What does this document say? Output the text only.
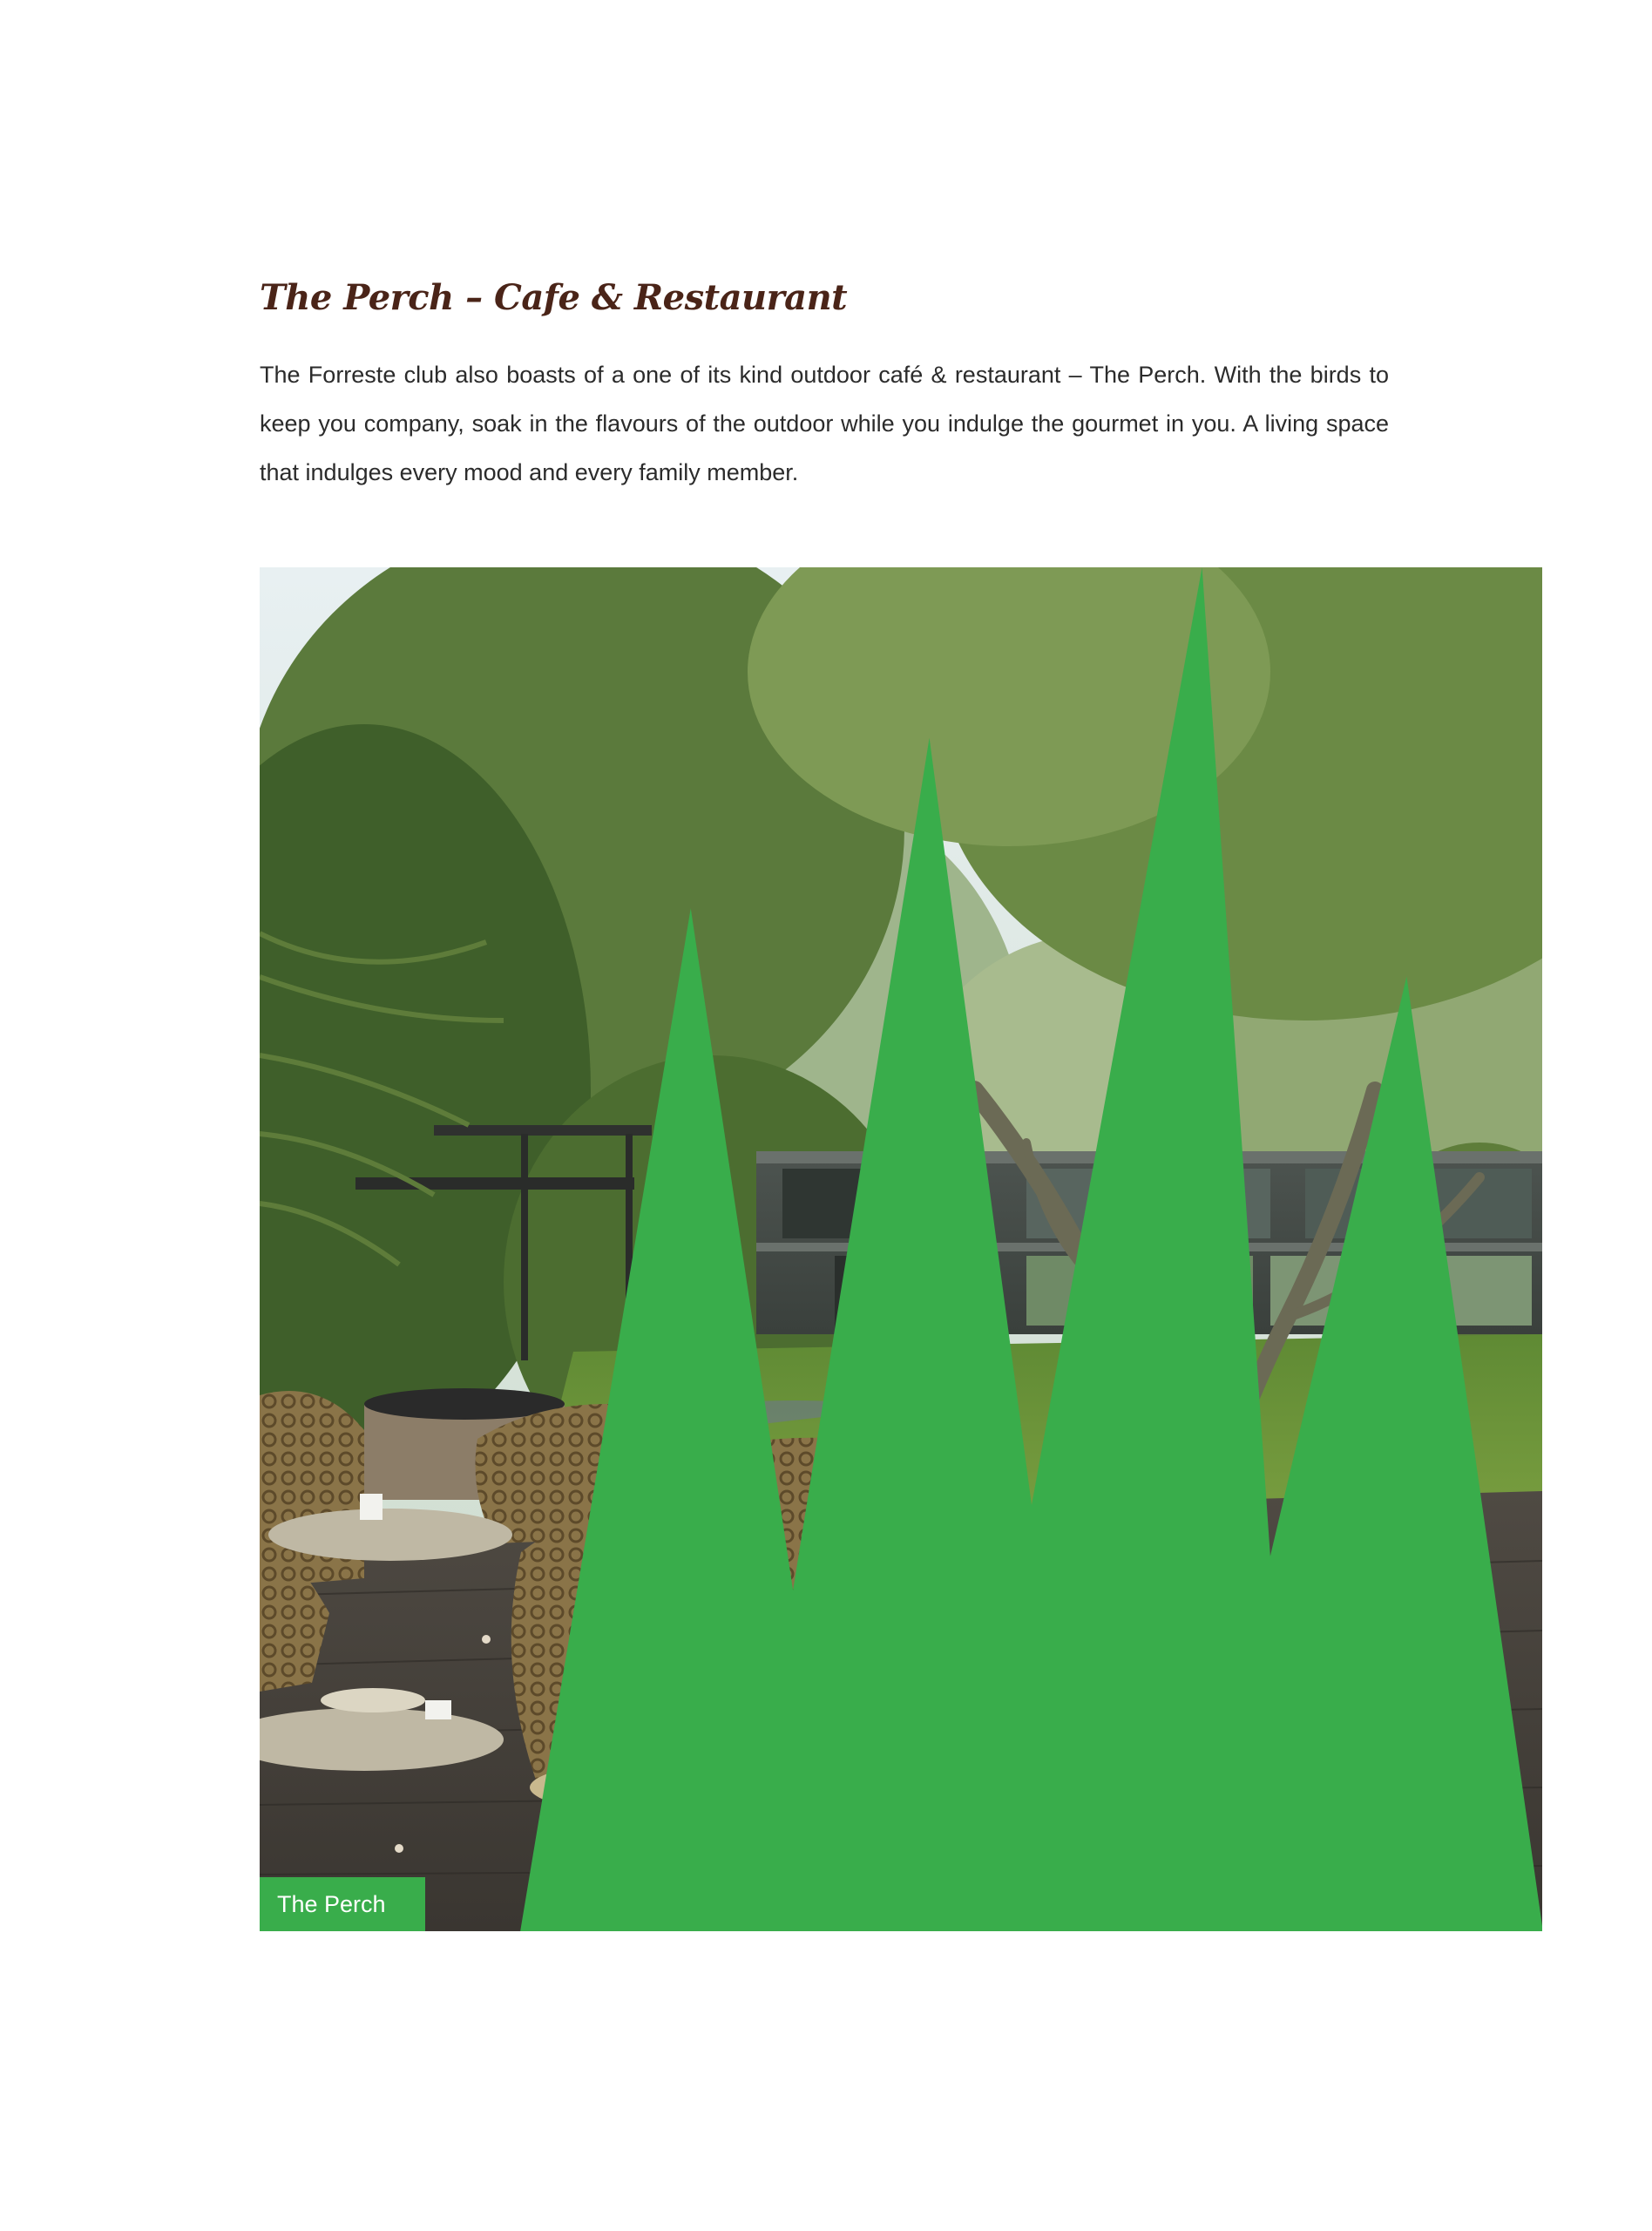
The Perch – Cafe & Restaurant

The Forreste club also boasts of a one of its kind outdoor café & restaurant – The Perch. With the birds to keep you company, soak in the flavours of the outdoor while you indulge the gourmet in you. A living space that indulges every mood and every family member.

The Perch
